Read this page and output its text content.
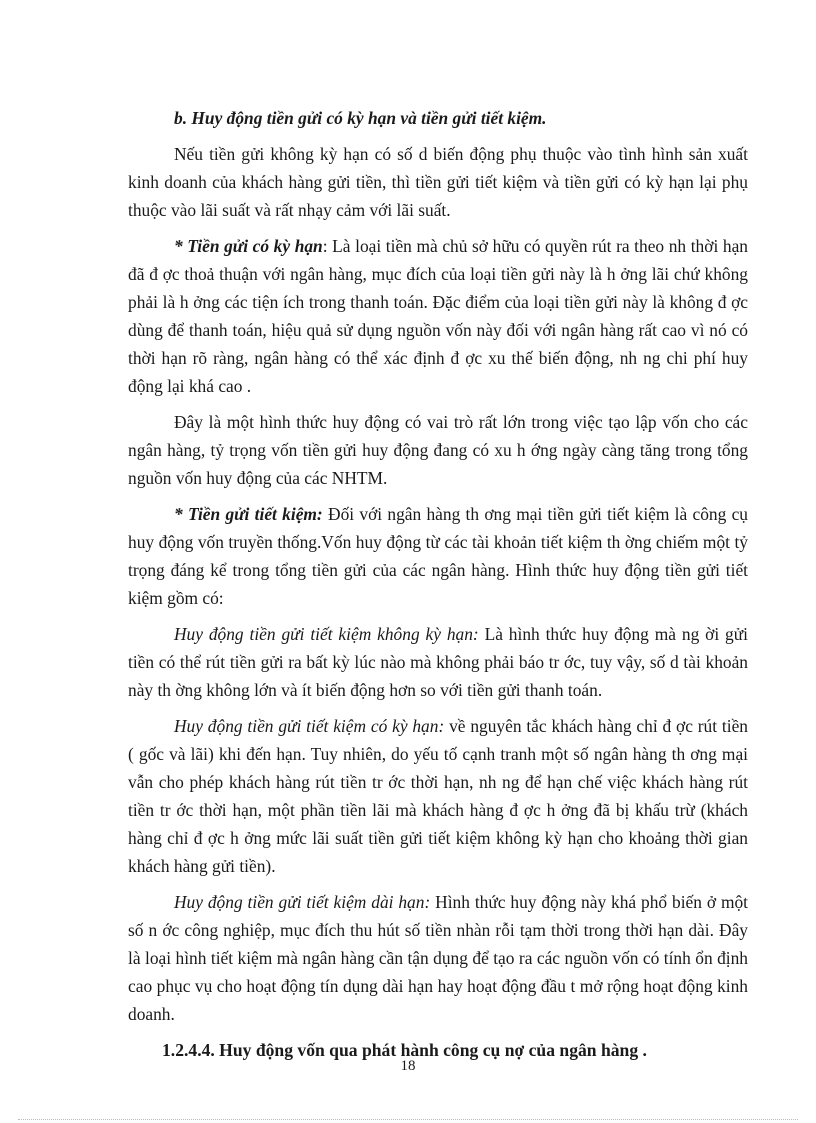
b. Huy động tiền gửi có kỳ hạn và tiền gửi tiết kiệm.

Nếu tiền gửi không kỳ hạn có số d biến động phụ thuộc vào tình hình sản xuất kinh doanh của khách hàng gửi tiền, thì tiền gửi tiết kiệm và tiền gửi có kỳ hạn lại phụ thuộc vào lãi suất và rất nhạy cảm với lãi suất.

* Tiền gửi có kỳ hạn: Là loại tiền mà chủ sở hữu có quyền rút ra theo nh thời hạn đã đ ợc thoả thuận với ngân hàng, mục đích của loại tiền gửi này là h ởng lãi chứ không phải là h ởng các tiện ích trong thanh toán. Đặc điểm của loại tiền gửi này là không đ ợc dùng để thanh toán, hiệu quả sử dụng nguồn vốn này đối với ngân hàng rất cao vì nó có thời hạn rõ ràng, ngân hàng có thể xác định đ ợc xu thế biến động, nh ng chi phí huy động lại khá cao .

Đây là một hình thức huy động có vai trò rất lớn trong việc tạo lập vốn cho các ngân hàng, tỷ trọng vốn tiền gửi huy động đang có xu h ớng ngày càng tăng trong tổng nguồn vốn huy động của các NHTM.

* Tiền gửi tiết kiệm: Đối với ngân hàng th ơng mại tiền gửi tiết kiệm là công cụ huy động vốn truyền thống.Vốn huy động từ các tài khoản tiết kiệm th ờng chiếm một tỷ trọng đáng kể trong tổng tiền gửi của các ngân hàng. Hình thức huy động tiền gửi tiết kiệm gồm có:

Huy động tiền gửi tiết kiệm không kỳ hạn: Là hình thức huy động mà ng ời gửi tiền có thể rút tiền gửi ra bất kỳ lúc nào mà không phải báo tr ớc, tuy vậy, số d tài khoản này th ờng không lớn và ít biến động hơn so với tiền gửi thanh toán.

Huy động tiền gửi tiết kiệm có kỳ hạn: về nguyên tắc khách hàng chỉ đ ợc rút tiền ( gốc và lãi) khi đến hạn. Tuy nhiên, do yếu tố cạnh tranh một số ngân hàng th ơng mại vẫn cho phép khách hàng rút tiền tr ớc thời hạn, nh ng để hạn chế việc khách hàng rút tiền tr ớc thời hạn, một phần tiền lãi mà khách hàng đ ợc h ởng đã bị khấu trừ (khách hàng chỉ đ ợc h ởng mức lãi suất tiền gửi tiết kiệm không kỳ hạn cho khoảng thời gian khách hàng gửi tiền).

Huy động tiền gửi tiết kiệm dài hạn: Hình thức huy động này khá phổ biến ở một số n ớc công nghiệp, mục đích thu hút số tiền nhàn rỗi tạm thời trong thời hạn dài. Đây là loại hình tiết kiệm mà ngân hàng cần tận dụng để tạo ra các nguồn vốn có tính ổn định cao phục vụ cho hoạt động tín dụng dài hạn hay hoạt động đầu t mở rộng hoạt động kinh doanh.

1.2.4.4. Huy động vốn qua phát hành công cụ nợ của ngân hàng .

18
